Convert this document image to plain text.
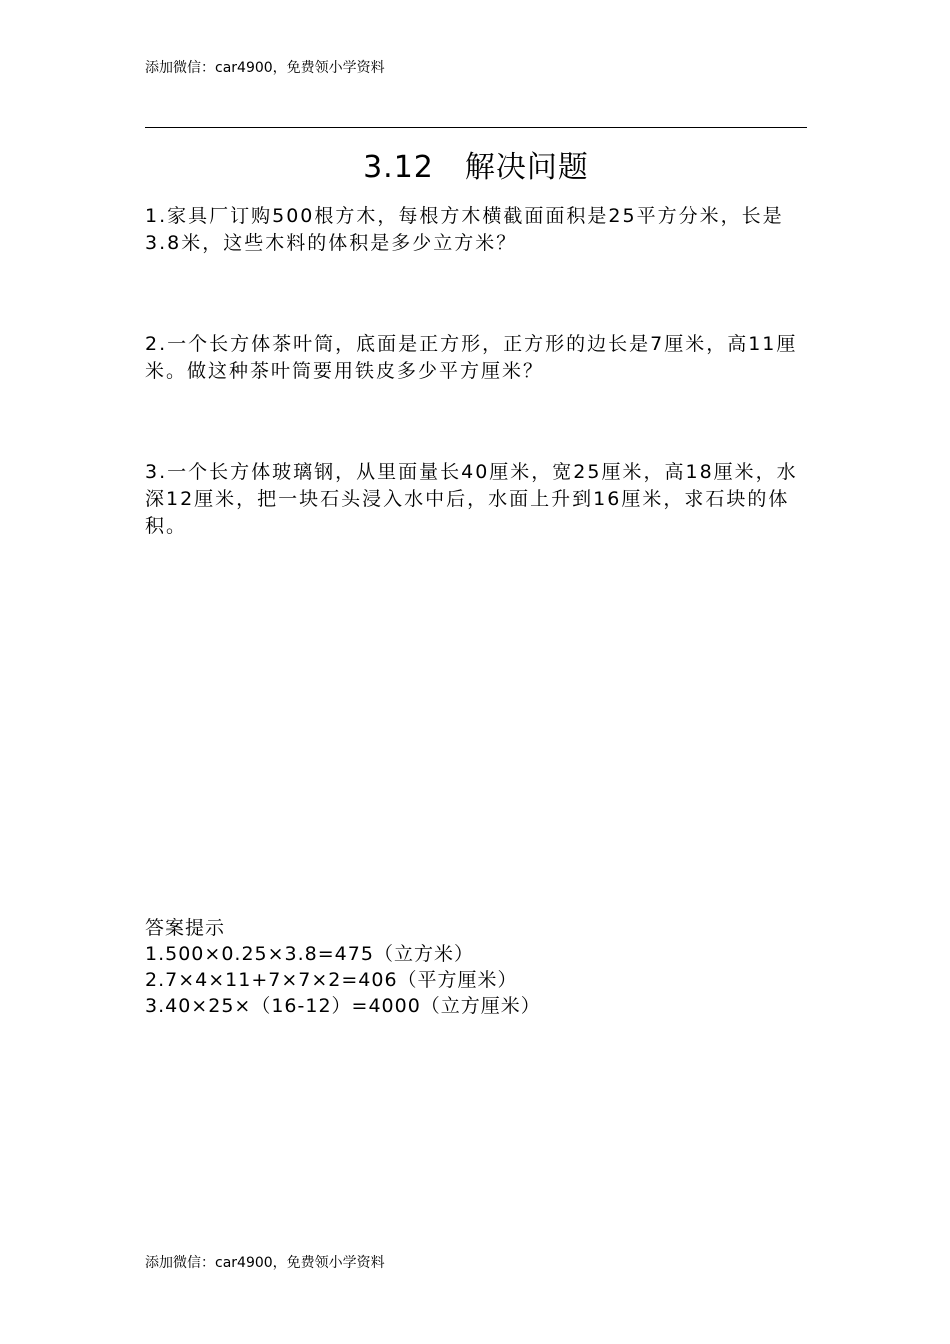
添加微信：car4900，免费领小学资料
3.12　解决问题
1.家具厂订购500根方木，每根方木横截面面积是25平方分米，长是3.8米，这些木料的体积是多少立方米？
2.一个长方体茶叶筒，底面是正方形，正方形的边长是7厘米，高11厘米。做这种茶叶筒要用铁皮多少平方厘米？
3.一个长方体玻璃钢，从里面量长40厘米，宽25厘米，高18厘米，水深12厘米，把一块石头浸入水中后，水面上升到16厘米，求石块的体积。
答案提示
1.500×0.25×3.8=475（立方米）
2.7×4×11+7×7×2=406（平方厘米）
3.40×25×（16-12）=4000（立方厘米）
添加微信：car4900，免费领小学资料
